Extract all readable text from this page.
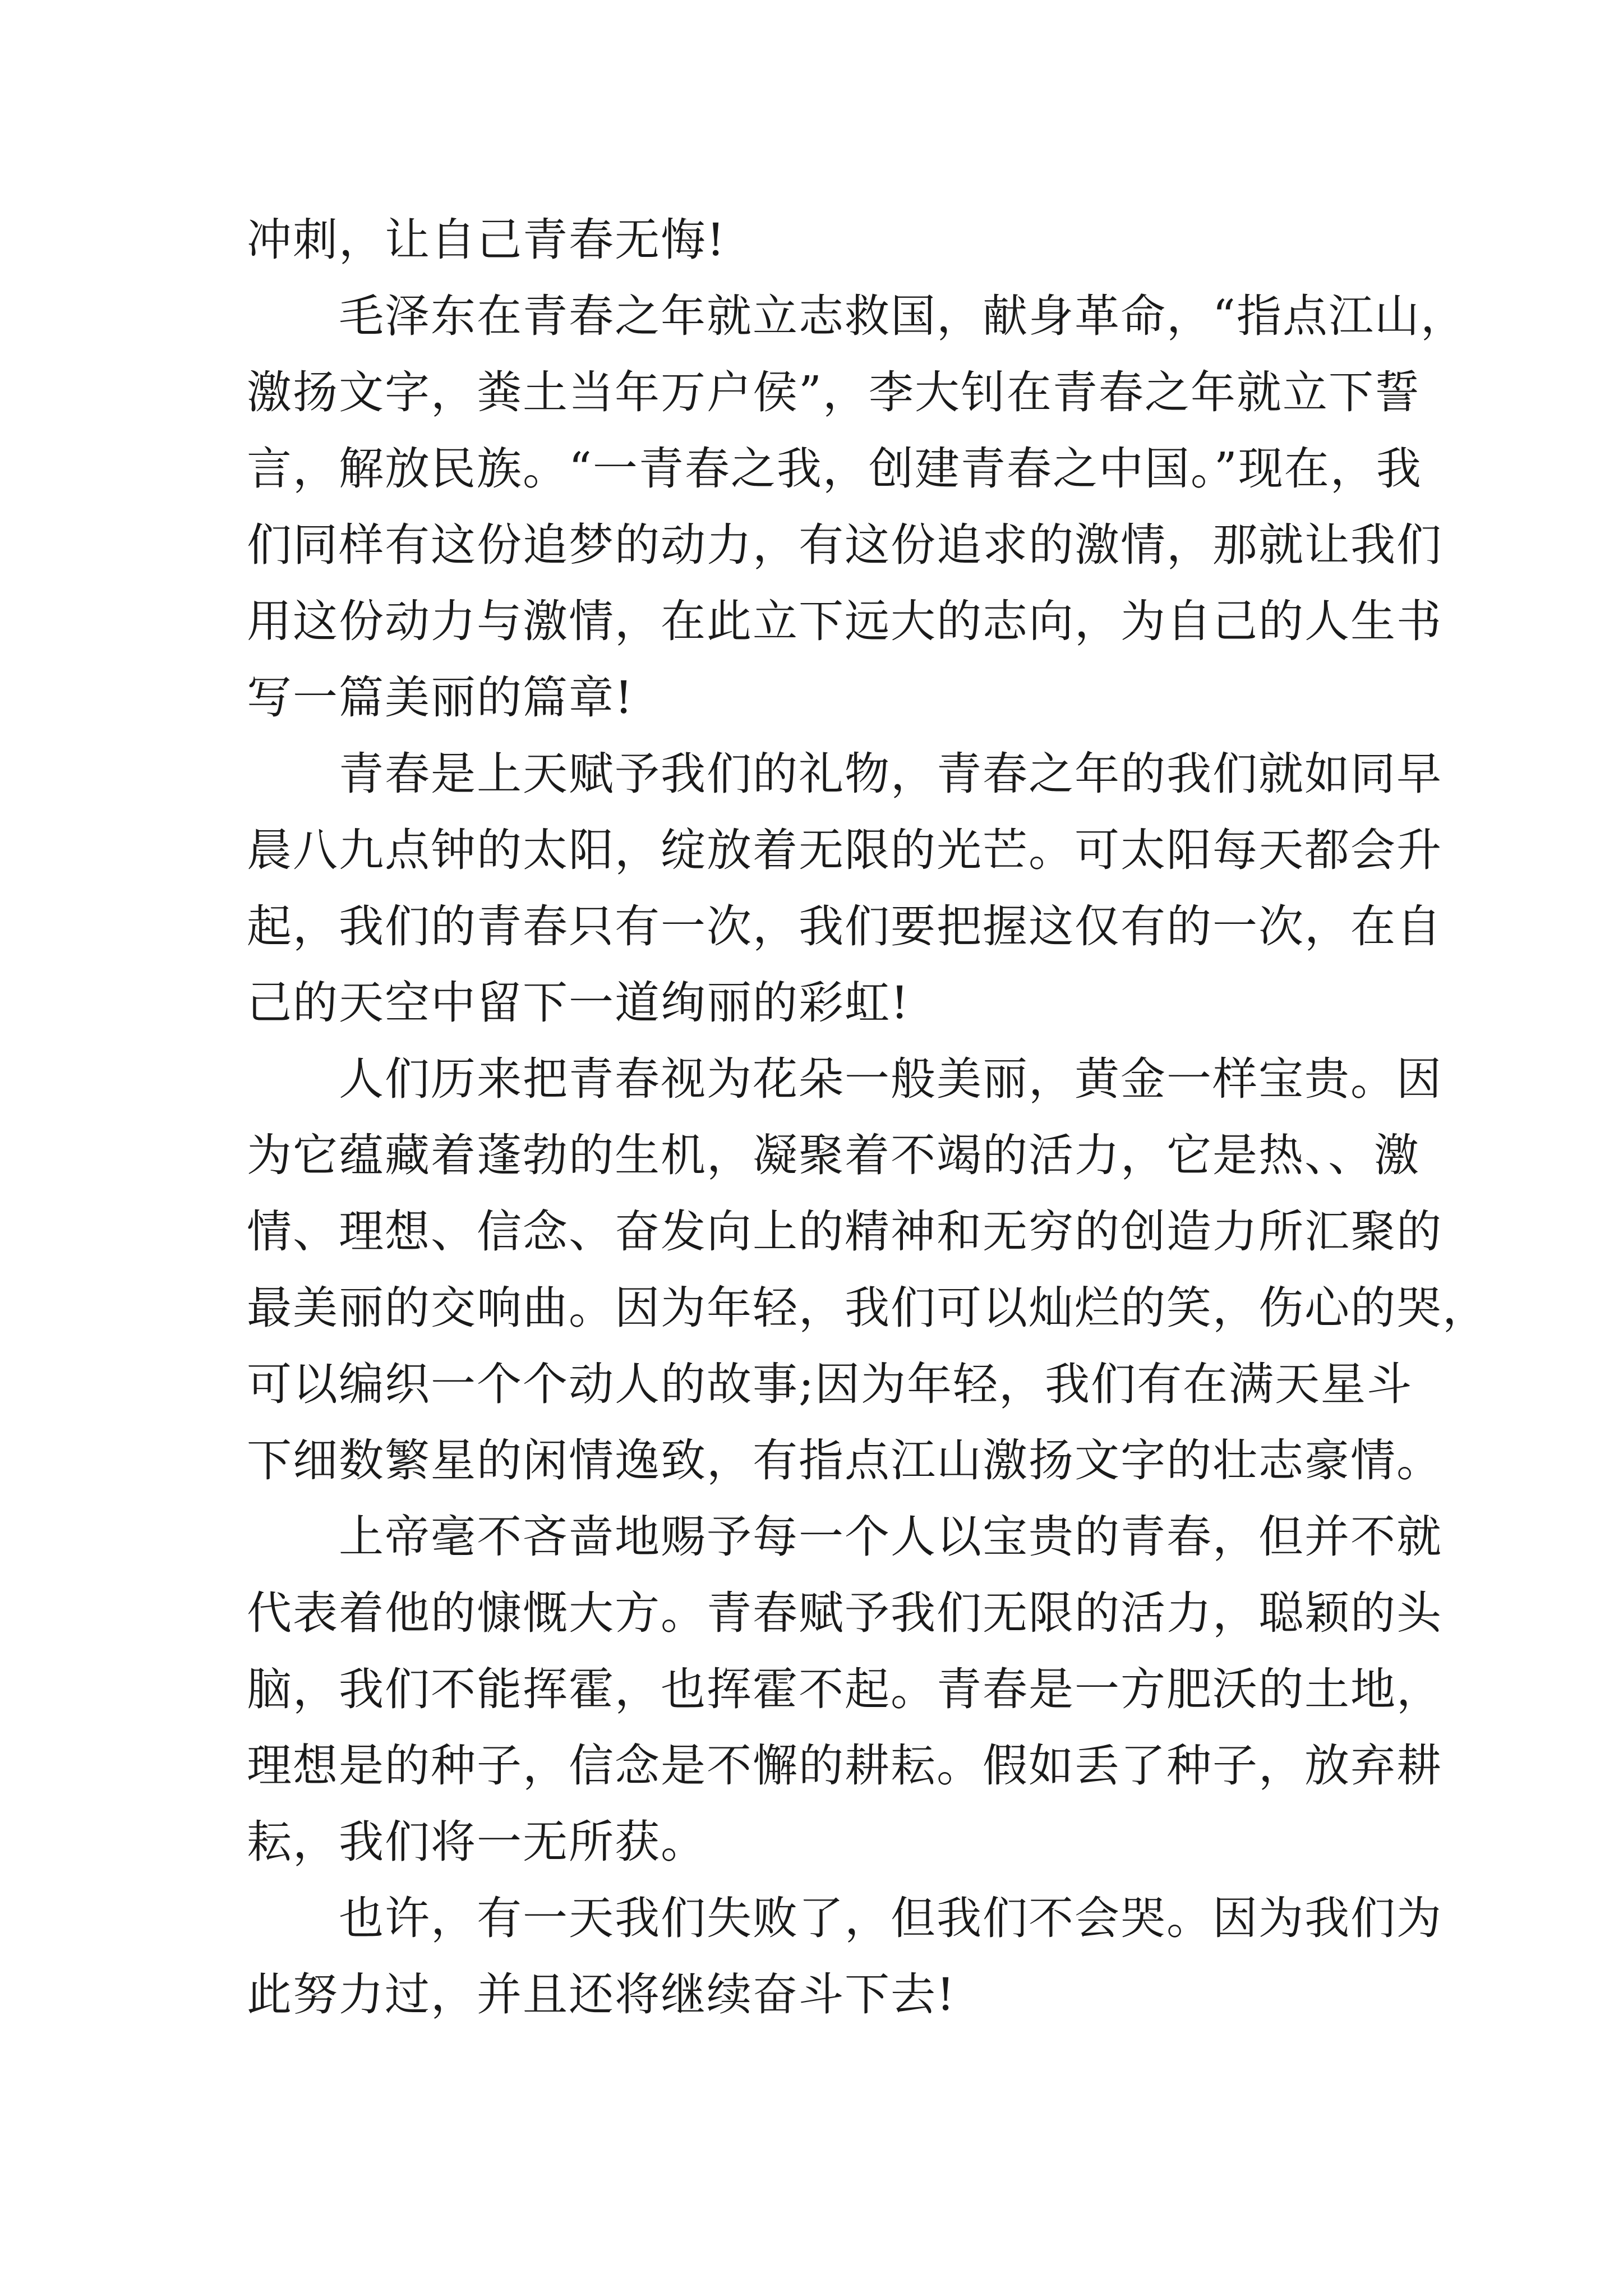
冲刺，让自己青春无悔!
毛泽东在青春之年就立志救国，献身革命，“指点江山，
激扬文字，粪土当年万户侯”，李大钊在青春之年就立下誓
言，解放民族。“一青春之我，创建青春之中国。”现在，我
们同样有这份追梦的动力，有这份追求的激情，那就让我们
用这份动力与激情，在此立下远大的志向，为自己的人生书
写一篇美丽的篇章!
青春是上天赋予我们的礼物，青春之年的我们就如同早
晨八九点钟的太阳，绽放着无限的光芒。可太阳每天都会升
起，我们的青春只有一次，我们要把握这仅有的一次，在自
己的天空中留下一道绚丽的彩虹!
人们历来把青春视为花朵一般美丽，黄金一样宝贵。因
为它蕴藏着蓬勃的生机，凝聚着不竭的活力，它是热、、激
情、理想、信念、奋发向上的精神和无穷的创造力所汇聚的
最美丽的交响曲。因为年轻，我们可以灿烂的笑，伤心的哭，
可以编织一个个动人的故事;因为年轻，我们有在满天星斗
下细数繁星的闲情逸致，有指点江山激扬文字的壮志豪情。
上帝毫不吝啬地赐予每一个人以宝贵的青春，但并不就
代表着他的慷慨大方。青春赋予我们无限的活力，聪颖的头
脑，我们不能挥霍，也挥霍不起。青春是一方肥沃的土地，
理想是的种子，信念是不懈的耕耘。假如丢了种子，放弃耕
耘，我们将一无所获。
也许，有一天我们失败了，但我们不会哭。因为我们为
此努力过，并且还将继续奋斗下去!
